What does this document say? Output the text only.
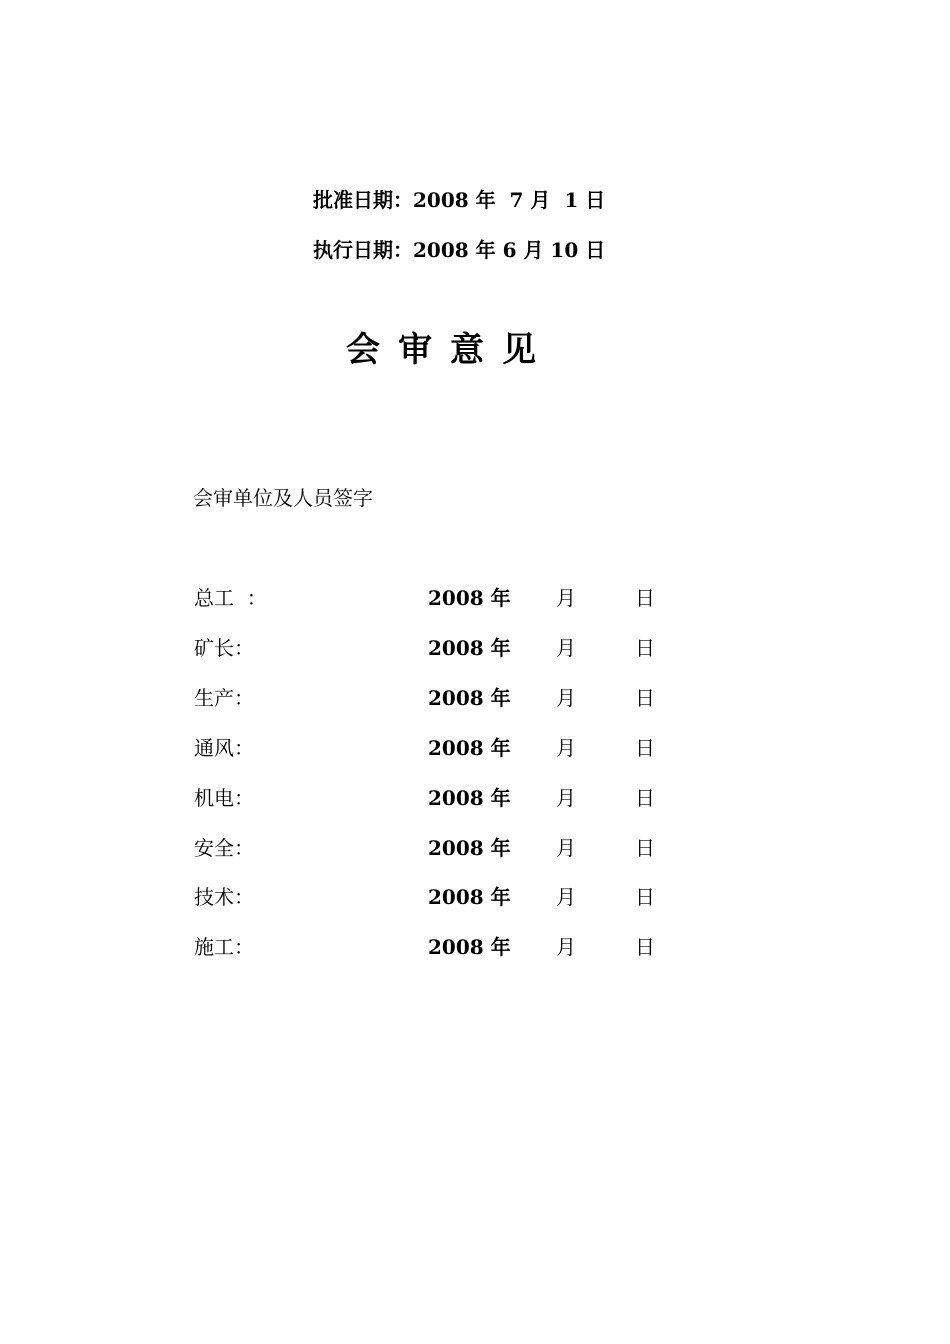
批准日期：2008 年  7 月  1 日
执行日期：2008 年 6 月 10 日
会审意见
会审单位及人员签字
总工  ：	2008 年 月	日
矿长：	2008 年 月	日
生产：	2008 年 月	日
通风：	2008 年 月	日
机电：	2008 年 月	日
安全：	2008 年 月	日
技术：	2008 年 月	日
施工：	2008 年 月	日
